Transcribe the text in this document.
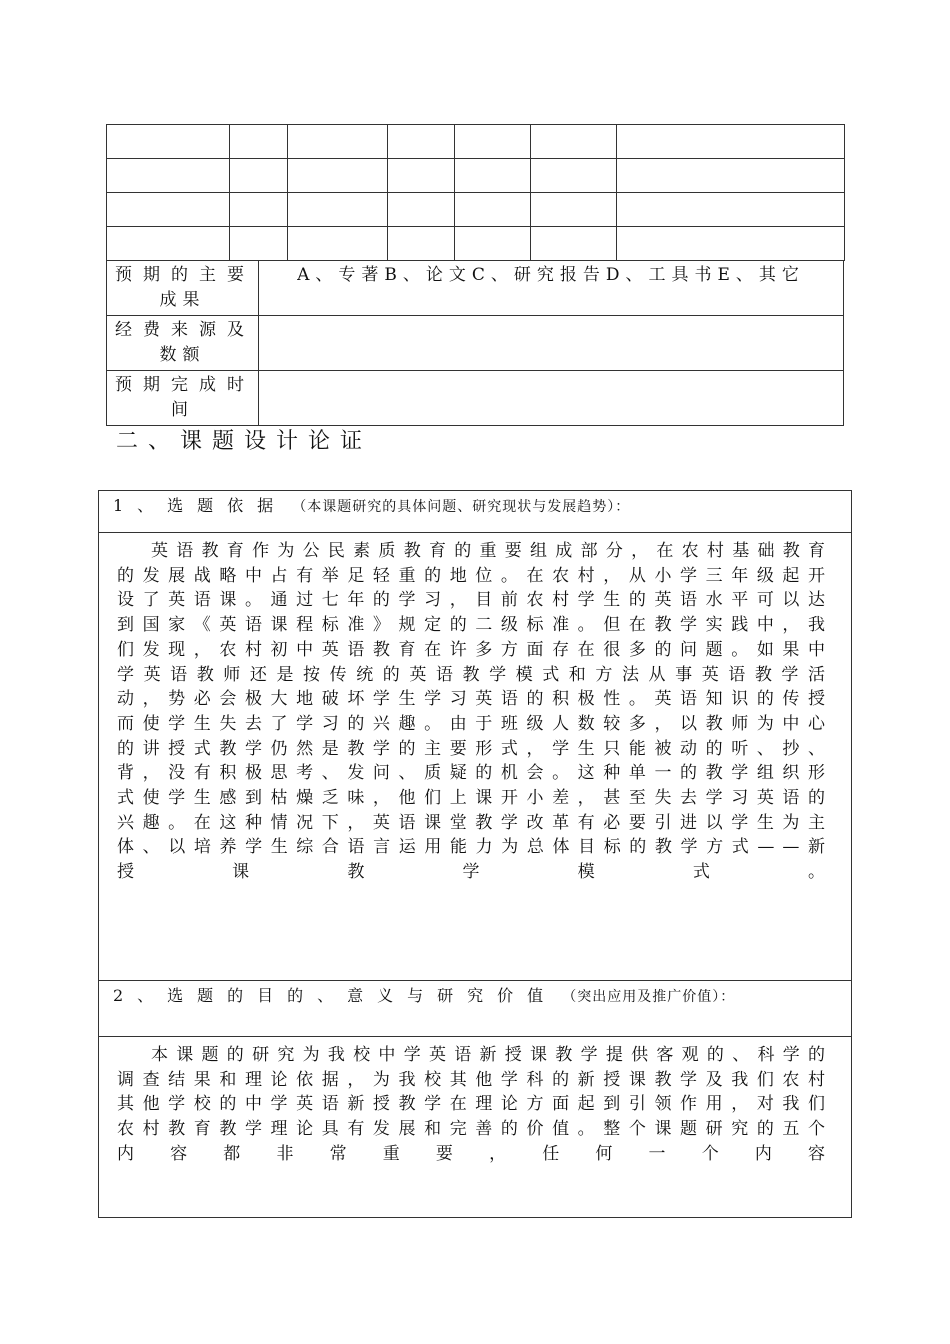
预期的主要成果	A、专著B、论文C、研究报告D、工具书E、其它
经费来源及数额	
预期完成时间	
二、课题设计论证
1、选题依据 （本课题研究的具体问题、研究现状与发展趋势）：
英语教育作为公民素质教育的重要组成部分，在农村基础教育的发展战略中占有举足轻重的地位。在农村，从小学三年级起开设了英语课。通过七年的学习，目前农村学生的英语水平可以达到国家《英语课程标准》规定的二级标准。但在教学实践中，我们发现，农村初中英语教育在许多方面存在很多的问题。如果中学英语教师还是按传统的英语教学模式和方法从事英语教学活动，势必会极大地破坏学生学习英语的积极性。英语知识的传授而使学生失去了学习的兴趣。由于班级人数较多，以教师为中心的讲授式教学仍然是教学的主要形式，学生只能被动的听、抄、背，没有积极思考、发问、质疑的机会。这种单一的教学组织形式使学生感到枯燥乏味，他们上课开小差，甚至失去学习英语的兴趣。在这种情况下，英语课堂教学改革有必要引进以学生为主体、以培养学生综合语言运用能力为总体目标的教学方式——新授课教学模式。
2、选题的目的、意义与研究价值 （突出应用及推广价值）：
本课题的研究为我校中学英语新授课教学提供客观的、科学的调查结果和理论依据，为我校其他学科的新授课教学及我们农村其他学校的中学英语新授教学在理论方面起到引领作用，对我们农村教育教学理论具有发展和完善的价值。整个课题研究的五个内容都非常重要，任何一个内容
